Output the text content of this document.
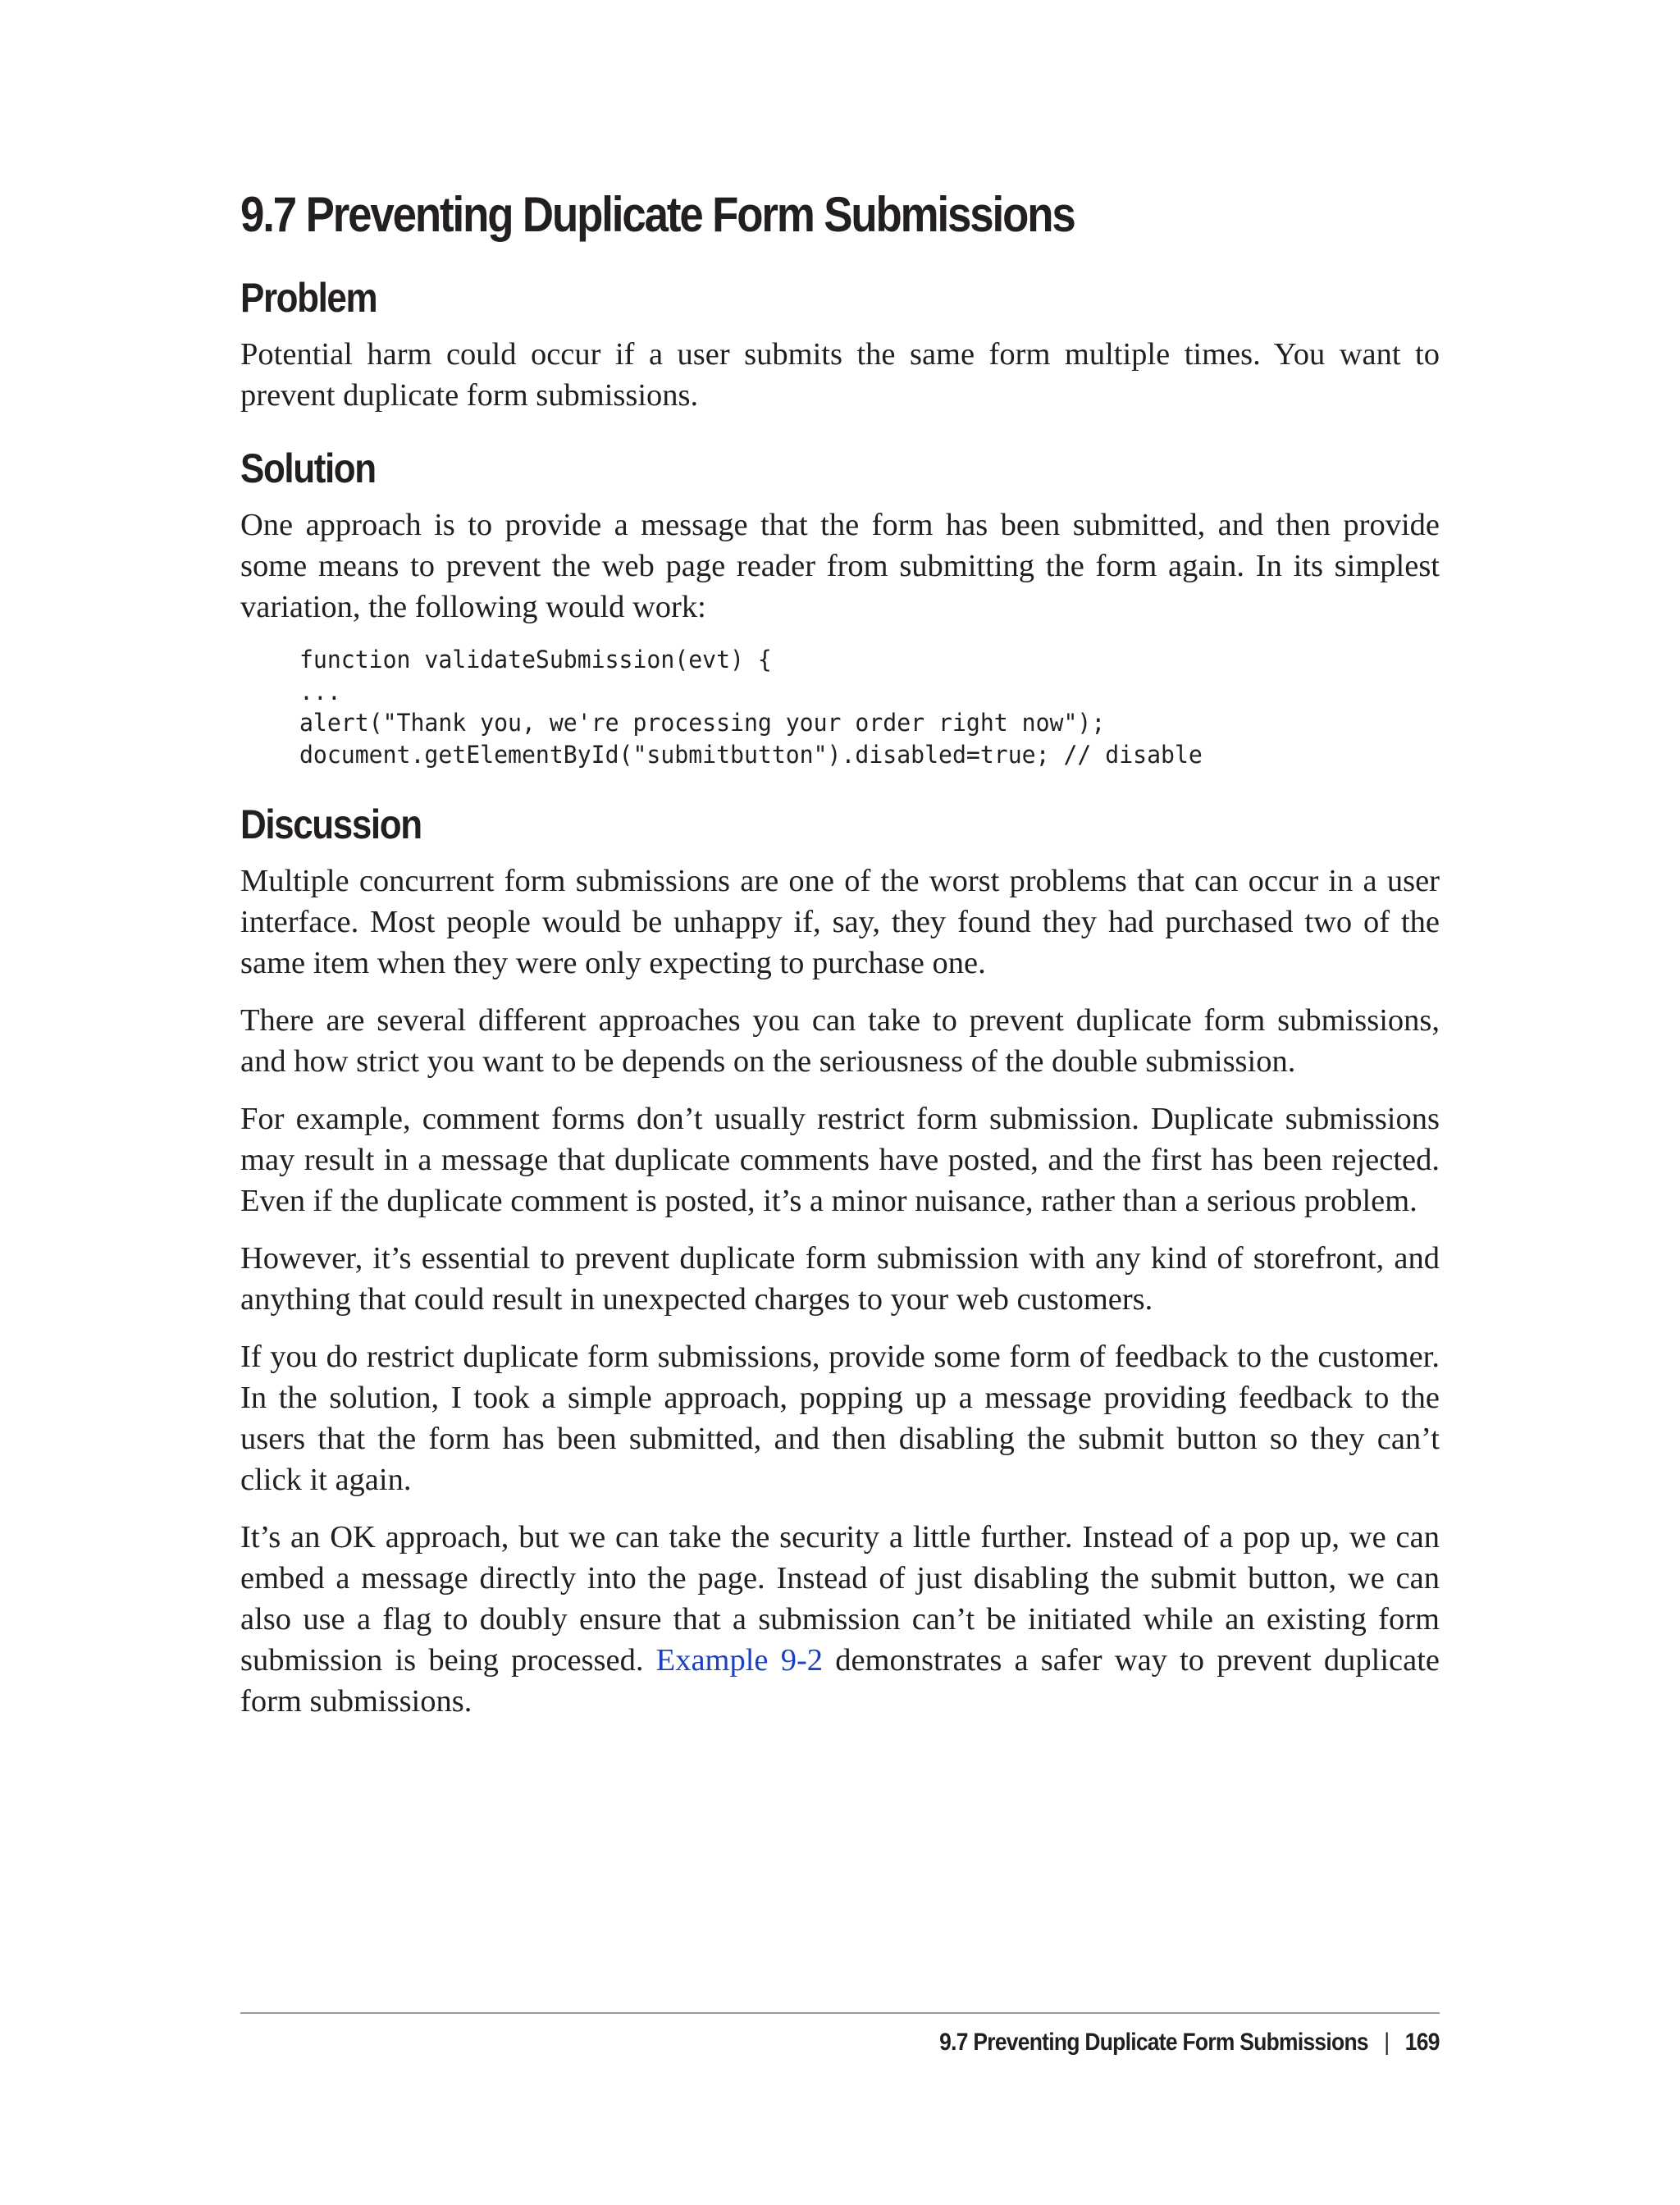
9.7 Preventing Duplicate Form Submissions
Problem

Potential harm could occur if a user submits the same form multiple times. You want to prevent duplicate form submissions.

Solution

One approach is to provide a message that the form has been submitted, and then provide some means to prevent the web page reader from submitting the form again. In its simplest variation, the following would work:

function validateSubmission(evt) {
...
alert("Thank you, we're processing your order right now");
document.getElementById("submitbutton").disabled=true; // disable
Discussion

Multiple concurrent form submissions are one of the worst problems that can occur in a user interface. Most people would be unhappy if, say, they found they had purchased two of the same item when they were only expecting to purchase one.

There are several different approaches you can take to prevent duplicate form submissions, and how strict you want to be depends on the seriousness of the double submission.

For example, comment forms don’t usually restrict form submission. Duplicate submissions may result in a message that duplicate comments have posted, and the first has been rejected. Even if the duplicate comment is posted, it’s a minor nuisance, rather than a serious problem.

However, it’s essential to prevent duplicate form submission with any kind of storefront, and anything that could result in unexpected charges to your web customers.

If you do restrict duplicate form submissions, provide some form of feedback to the customer. In the solution, I took a simple approach, popping up a message providing feedback to the users that the form has been submitted, and then disabling the submit button so they can’t click it again.

It’s an OK approach, but we can take the security a little further. Instead of a pop up, we can embed a message directly into the page. Instead of just disabling the submit button, we can also use a flag to doubly ensure that a submission can’t be initiated while an existing form submission is being processed. Example 9-2 demonstrates a safer way to prevent duplicate form submissions.

9.7 Preventing Duplicate Form Submissions | 169
